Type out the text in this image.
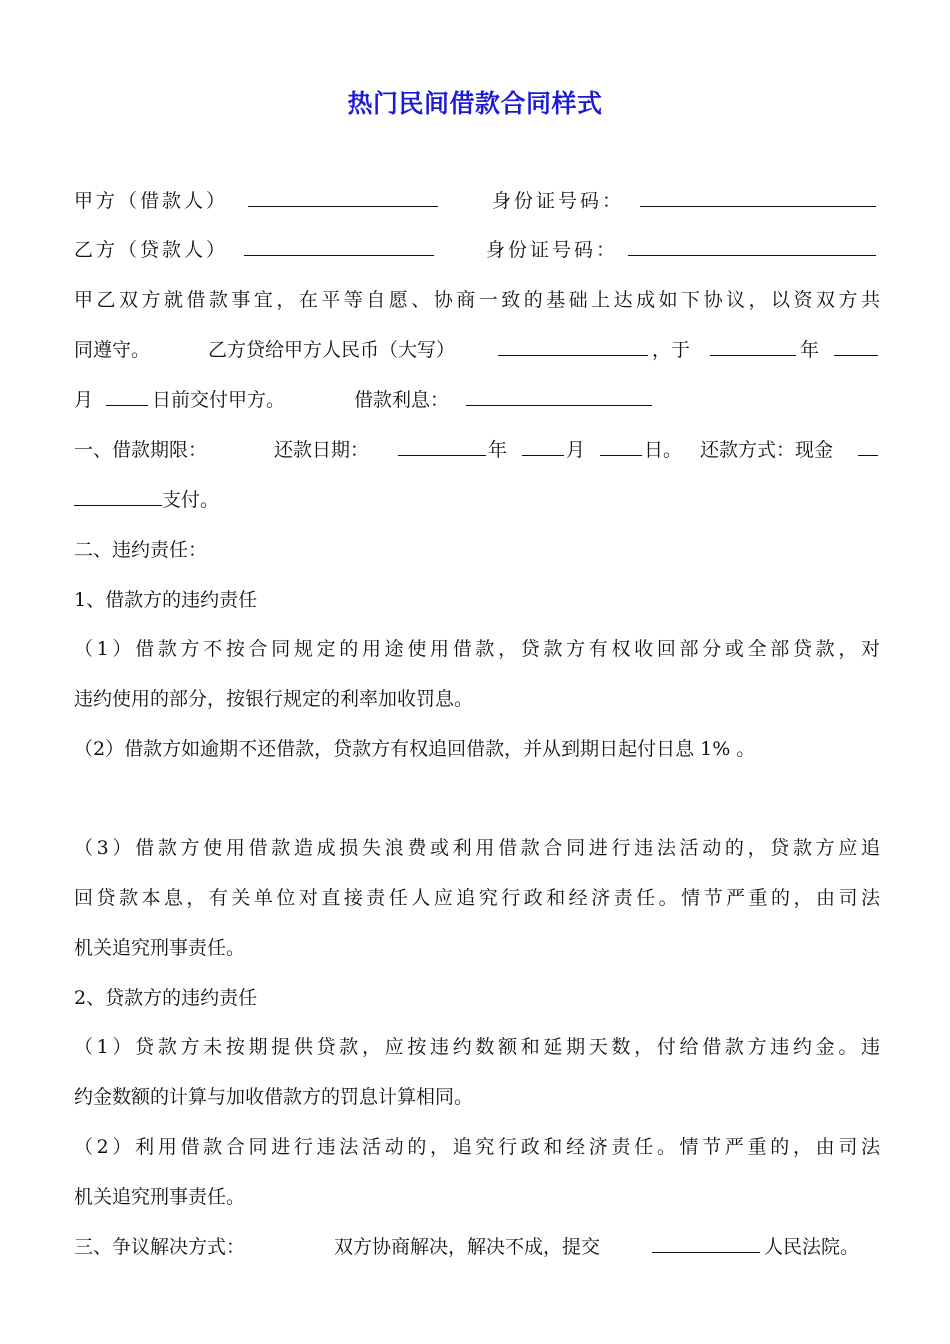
热门民间借款合同样式
甲方（借款人）	身份证号码：
乙方（贷款人）	身份证号码：
甲乙双方就借款事宜，在平等自愿、协商一致的基础上达成如下协议，以资双方共
同遵守。	乙方贷给甲方人民币（大写）	，于	年
月	日前交付甲方。	借款利息：
一、借款期限：	还款日期：	年	月	日。 还款方式：现金
支付。
二、违约责任：
1、借款方的违约责任
（1）借款方不按合同规定的用途使用借款，贷款方有权收回部分或全部贷款，对
违约使用的部分，按银行规定的利率加收罚息。
（2）借款方如逾期不还借款，贷款方有权追回借款，并从到期日起付日息 1% 。
（3）借款方使用借款造成损失浪费或利用借款合同进行违法活动的，贷款方应追
回贷款本息，有关单位对直接责任人应追究行政和经济责任。情节严重的，由司法
机关追究刑事责任。
2、贷款方的违约责任
（1）贷款方未按期提供贷款，应按违约数额和延期天数，付给借款方违约金。违
约金数额的计算与加收借款方的罚息计算相同。
（2）利用借款合同进行违法活动的，追究行政和经济责任。情节严重的，由司法
机关追究刑事责任。
三、争议解决方式：	双方协商解决，解决不成，提交	人民法院。
